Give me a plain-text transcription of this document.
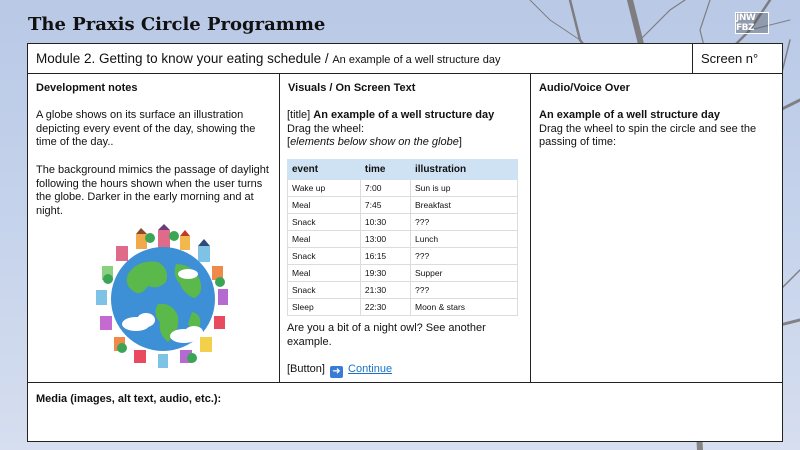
The Praxis Circle Programme	JNW FBZ
Module 2. Getting to know your eating schedule / An example of a well structure day	Screen n°
Development notes

A globe shows on its surface an illustration depicting every event of the day, showing the time of the day..

The background mimics the passage of daylight following the hours shown when the user turns the globe. Darker in the early morning and at night.

Visuals / On Screen Text
[title] An example of a well structure day
Drag the wheel:
[elements below show on the globe]
event	time	illustration
Wake up	7:00	Sun is up
Meal	7:45	Breakfast
Snack	10:30	???
Meal	13:00	Lunch
Snack	16:15	???
Meal	19:30	Supper
Snack	21:30	???
Sleep	22:30	Moon & stars

Are you a bit of a night owl? See another example.

[Button] ➜ Continue
Audio/Voice Over
An example of a well structure day
Drag the wheel to spin the circle and see the passing of time:
Media (images, alt text, audio, etc.):
